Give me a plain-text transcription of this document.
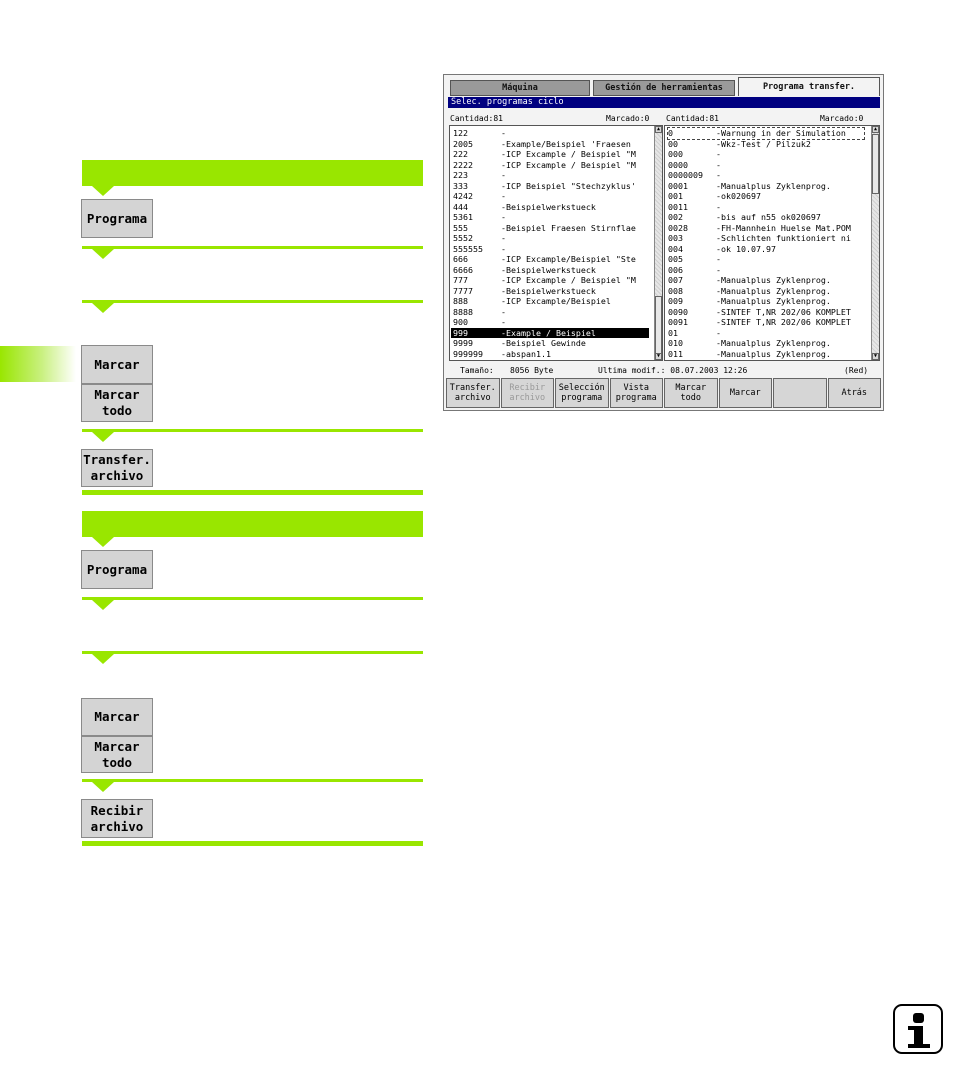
Programa
Marcar
Marcar
todo
Transfer.
archivo
Programa
Marcar
Marcar
todo
Recibir
archivo
Máquina	Gestión de herramientas	Programa transfer.
Selec. programas ciclo
Cantidad:81	Marcado:0 Cantidad:81	Marcado:0
▲
▼
122	-
2005	-Example/Beispiel 'Fraesen
222	-ICP Excample / Beispiel "M
2222	-ICP Excample / Beispiel "M
223	-
333	-ICP Beispiel "Stechzyklus'
4242	-
444	-Beispielwerkstueck
5361	-
555	-Beispiel Fraesen Stirnflae
5552	-
555555 -
666	-ICP Excample/Beispiel "Ste
6666	-Beispielwerkstueck
777	-ICP Excample / Beispiel "M
7777	-Beispielwerkstueck
888	-ICP Excample/Beispiel
8888	-
900	-
999	-Example / Beispiel
9999	-Beispiel Gewinde
999999 -abspan1.1
▲
▼
0	-Warnung in der Simulation
00	-Wkz-Test / Pilzuk2
000	-
0000	-
0000009 -
0001	-Manualplus Zyklenprog.
001	-ok020697
0011	-
002	-bis auf n55 ok020697
0028	-FH-Mannhein Huelse Mat.POM
003	-Schlichten funktioniert ni
004	-ok 10.07.97
005	-
006	-
007	-Manualplus Zyklenprog.
008	-Manualplus Zyklenprog.
009	-Manualplus Zyklenprog.
0090	-SINTEF T,NR 202/06 KOMPLET
0091	-SINTEF T,NR 202/06 KOMPLET
01	-
010	-Manualplus Zyklenprog.
011	-Manualplus Zyklenprog.
Tamaño: 8056 Byte	Ultima modif.: 08.07.2003 12:26	(Red)
Transfer.
archivo
Recibir
archivo
Selección
programa
Vista
programa
Marcar
todo	Marcar	Atrás
